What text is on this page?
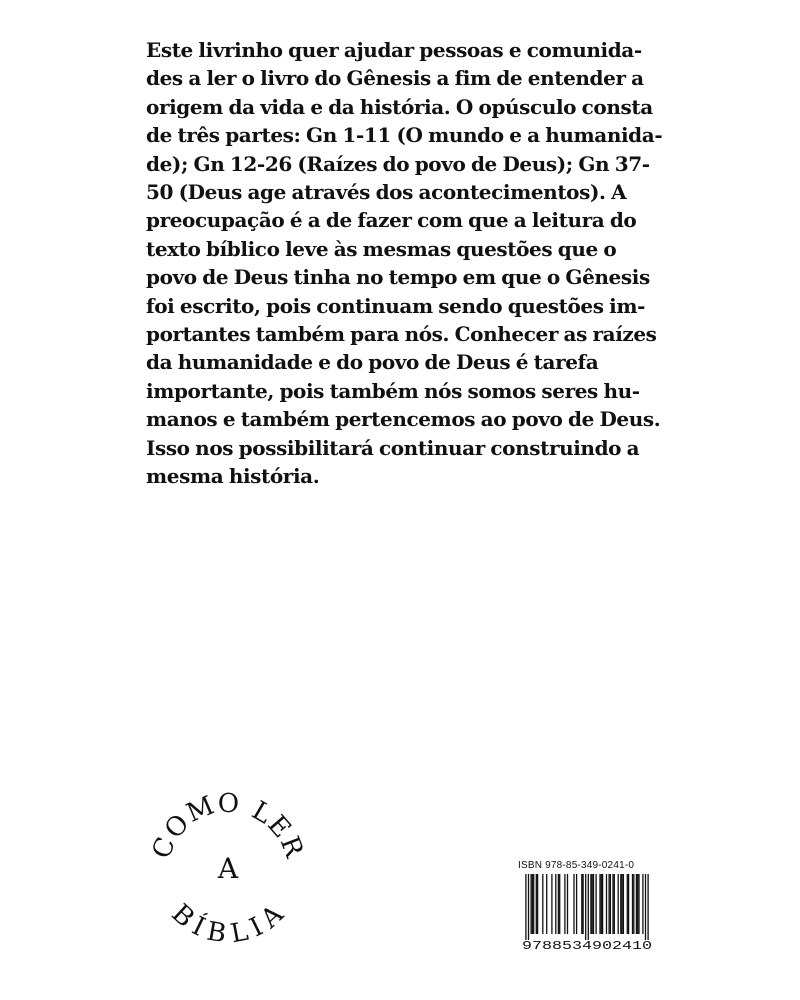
Este livrinho quer ajudar pessoas e comunida-
des a ler o livro do Gênesis a fim de entender a
origem da vida e da história. O opúsculo consta
de três partes: Gn 1-11 (O mundo e a humanida-
de); Gn 12-26 (Raízes do povo de Deus); Gn 37-
50 (Deus age através dos acontecimentos). A
preocupação é a de fazer com que a leitura do
texto bíblico leve às mesmas questões que o
povo de Deus tinha no tempo em que o Gênesis
foi escrito, pois continuam sendo questões im-
portantes também para nós. Conhecer as raízes
da humanidade e do povo de Deus é tarefa
importante, pois também nós somos seres hu-
manos e também pertencemos ao povo de Deus.
Isso nos possibilitará continuar construindo a
mesma história.
COMO LER
A
BÍBLIA
ISBN 978-85-349-0241-0
9788534902410
